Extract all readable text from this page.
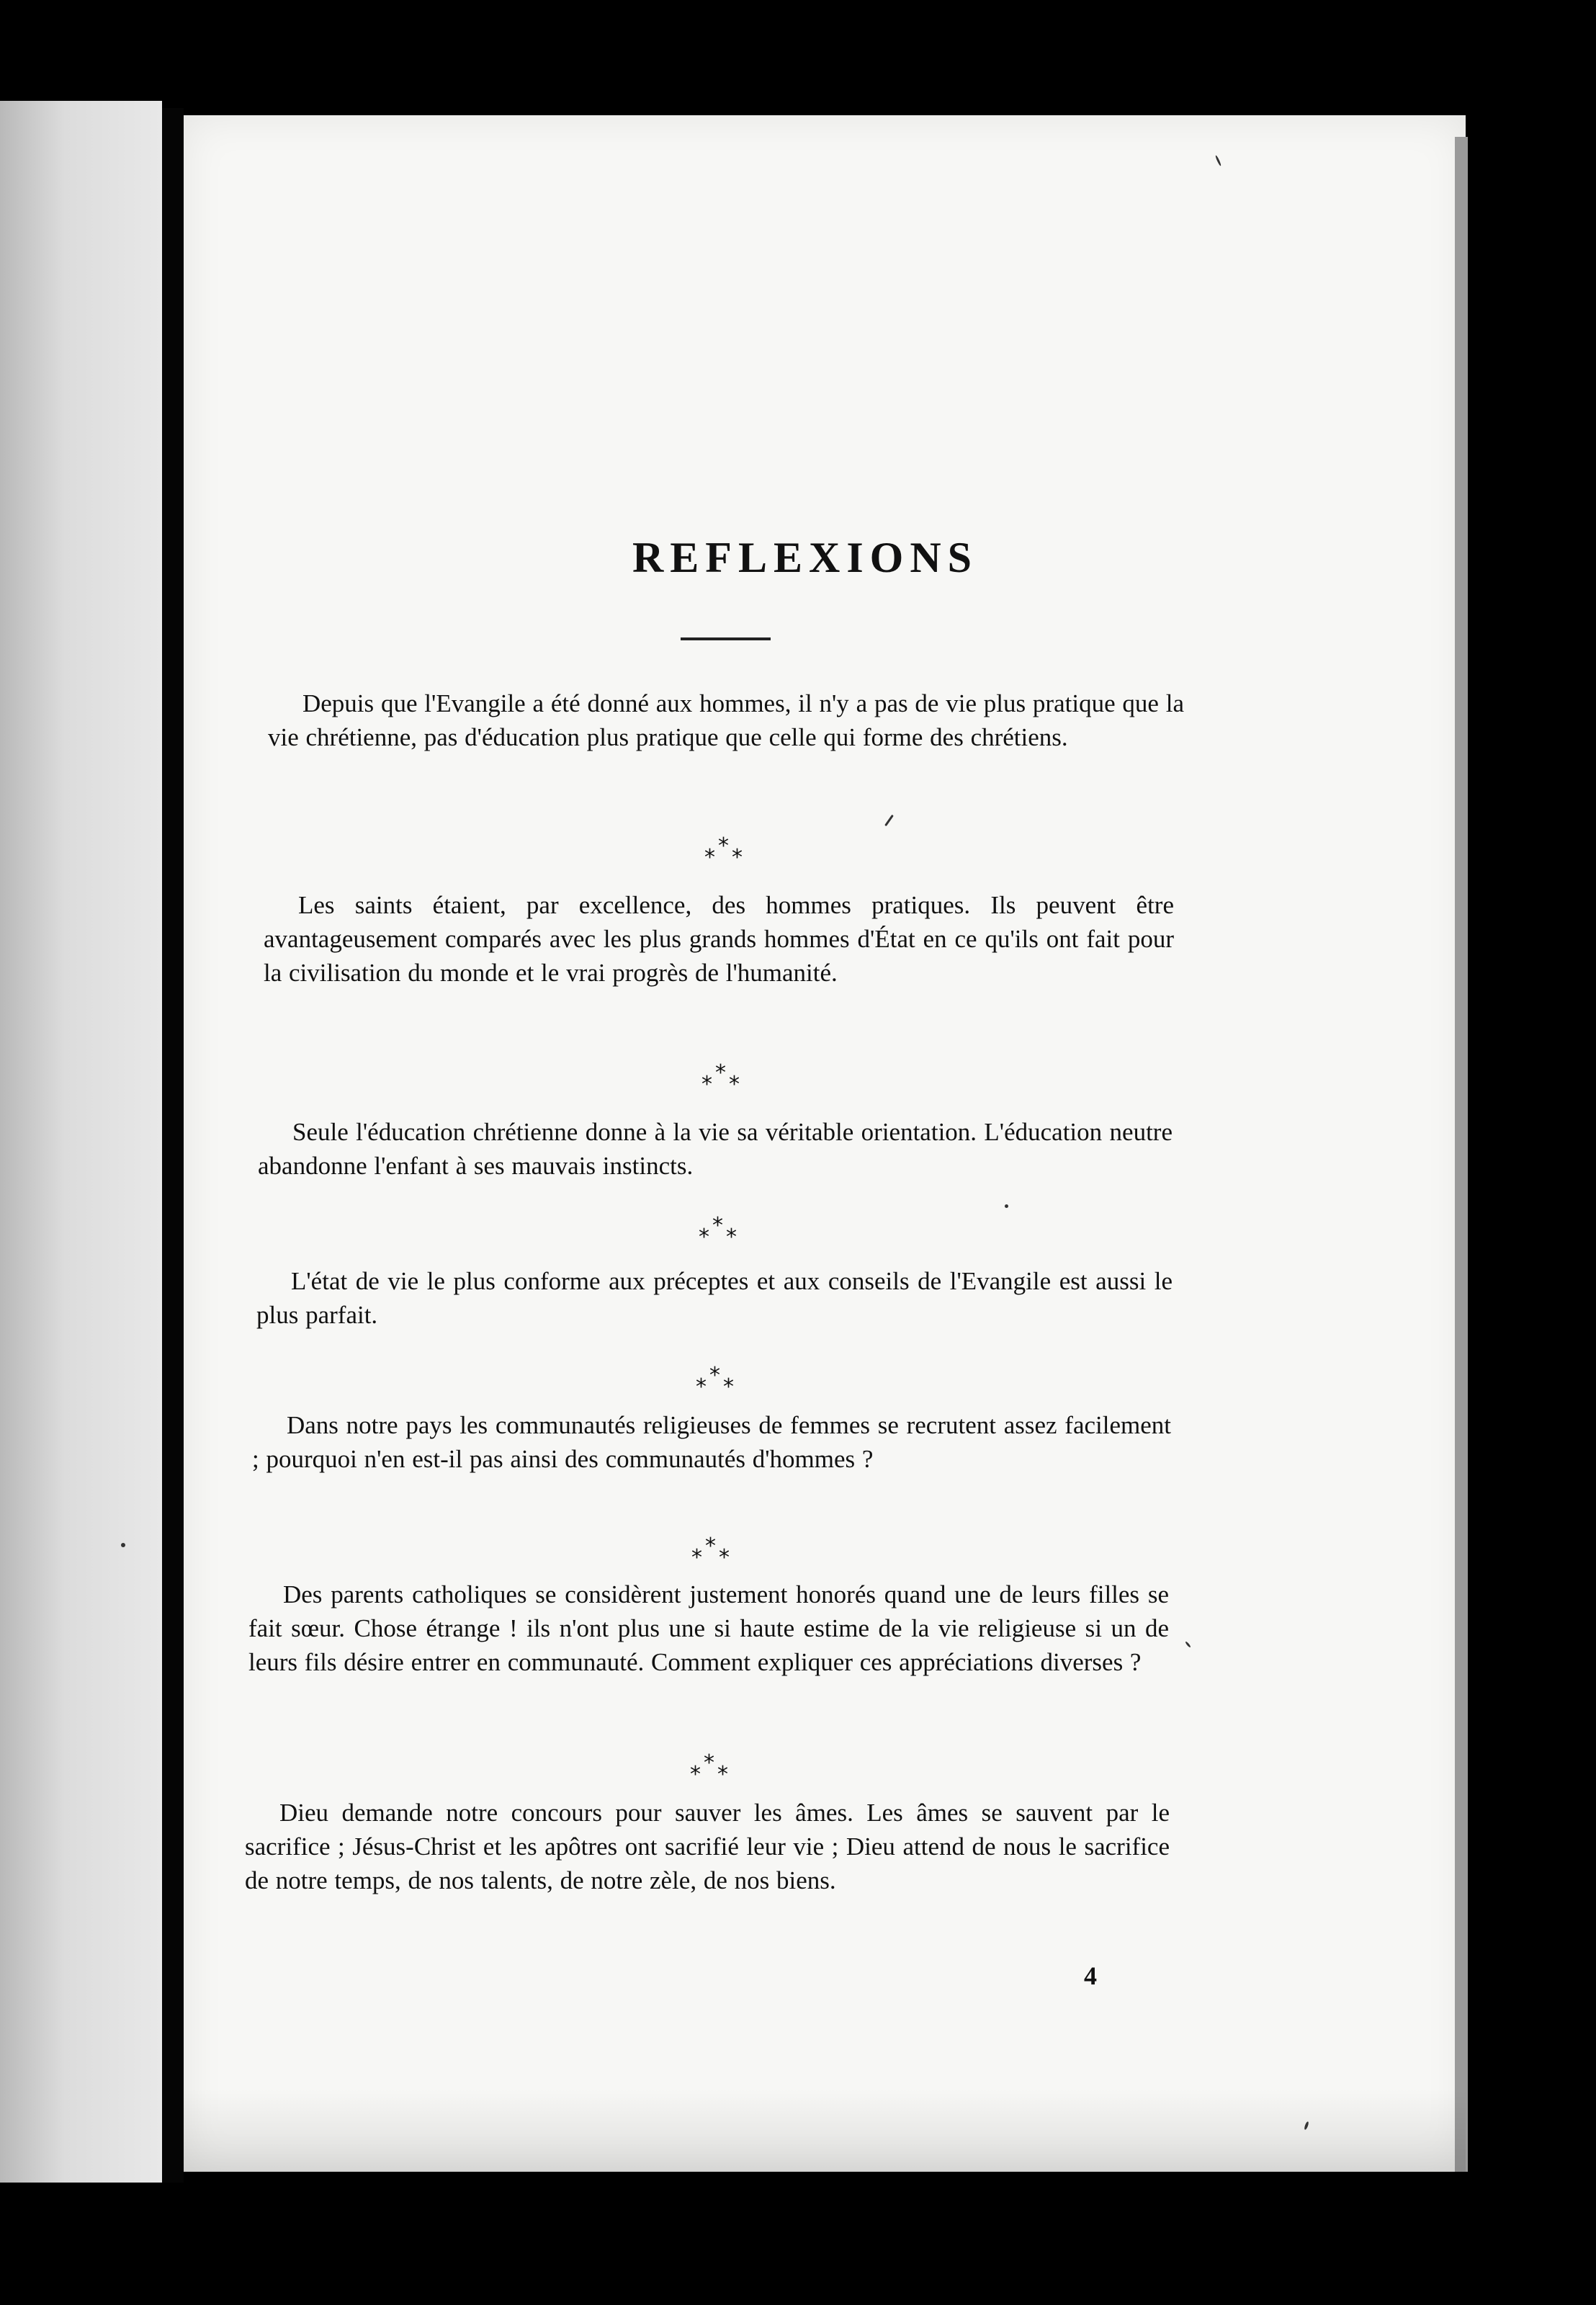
REFLEXIONS

Depuis que l'Evangile a été donné aux hommes, il n'y a pas de vie plus pratique que la vie chrétienne, pas d'éducation plus pratique que celle qui forme des chrétiens.

*
* *

Les saints étaient, par excellence, des hommes pratiques. Ils peuvent être avantageusement comparés avec les plus grands hommes d'État en ce qu'ils ont fait pour la civilisation du monde et le vrai progrès de l'humanité.

*
* *

Seule l'éducation chrétienne donne à la vie sa véritable orientation. L'éducation neutre abandonne l'enfant à ses mauvais instincts.

*
* *

L'état de vie le plus conforme aux préceptes et aux conseils de l'Evangile est aussi le plus parfait.

*
* *

Dans notre pays les communautés religieuses de femmes se recrutent assez facilement ; pourquoi n'en est-il pas ainsi des communautés d'hommes ?

*
* *

Des parents catholiques se considèrent justement honorés quand une de leurs filles se fait sœur. Chose étrange ! ils n'ont plus une si haute estime de la vie religieuse si un de leurs fils désire entrer en communauté. Comment expliquer ces appréciations diverses ?

*
* *

Dieu demande notre concours pour sauver les âmes. Les âmes se sauvent par le sacrifice ; Jésus-Christ et les apôtres ont sacrifié leur vie ; Dieu attend de nous le sacrifice de notre temps, de nos talents, de notre zèle, de nos biens.

4
